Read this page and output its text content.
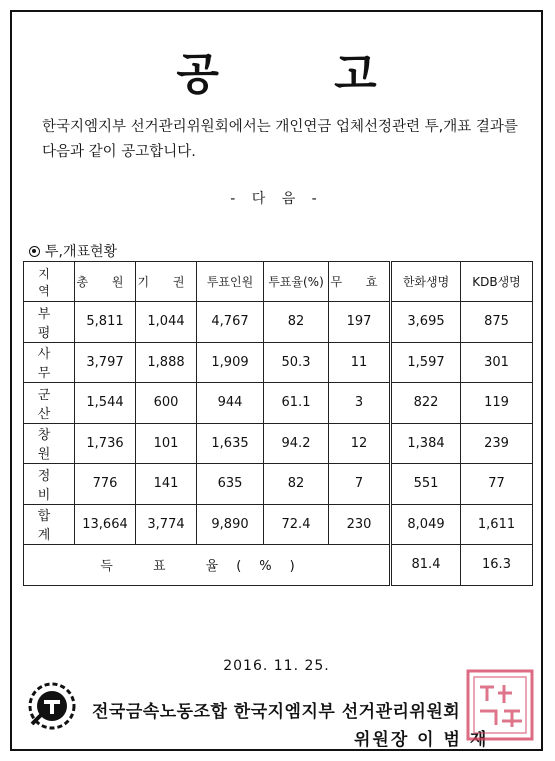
공 고
한국지엠지부 선거관리위원회에서는 개인연금 업체선정관련 투,개표 결과를 다음과 같이 공고합니다.
- 다 음 -
투,개표현황
지 역	총 원	기 권	투표인원	투표율(%)	무 효	한화생명	KDB생명
부 평	5,811	1,044	4,767	82	197	3,695	875
사 무	3,797	1,888	1,909	50.3	11	1,597	301
군 산	1,544	600	944	61.1	3	822	119
창 원	1,736	101	1,635	94.2	12	1,384	239
정 비	776	141	635	82	7	551	77
합 계	13,664	3,774	9,890	72.4	230	8,049	1,611
득 표 율(%)						81.4	16.3
2016. 11. 25.
전국금속노동조합 한국지엠지부 선거관리위원회
위원장 이 범 재
